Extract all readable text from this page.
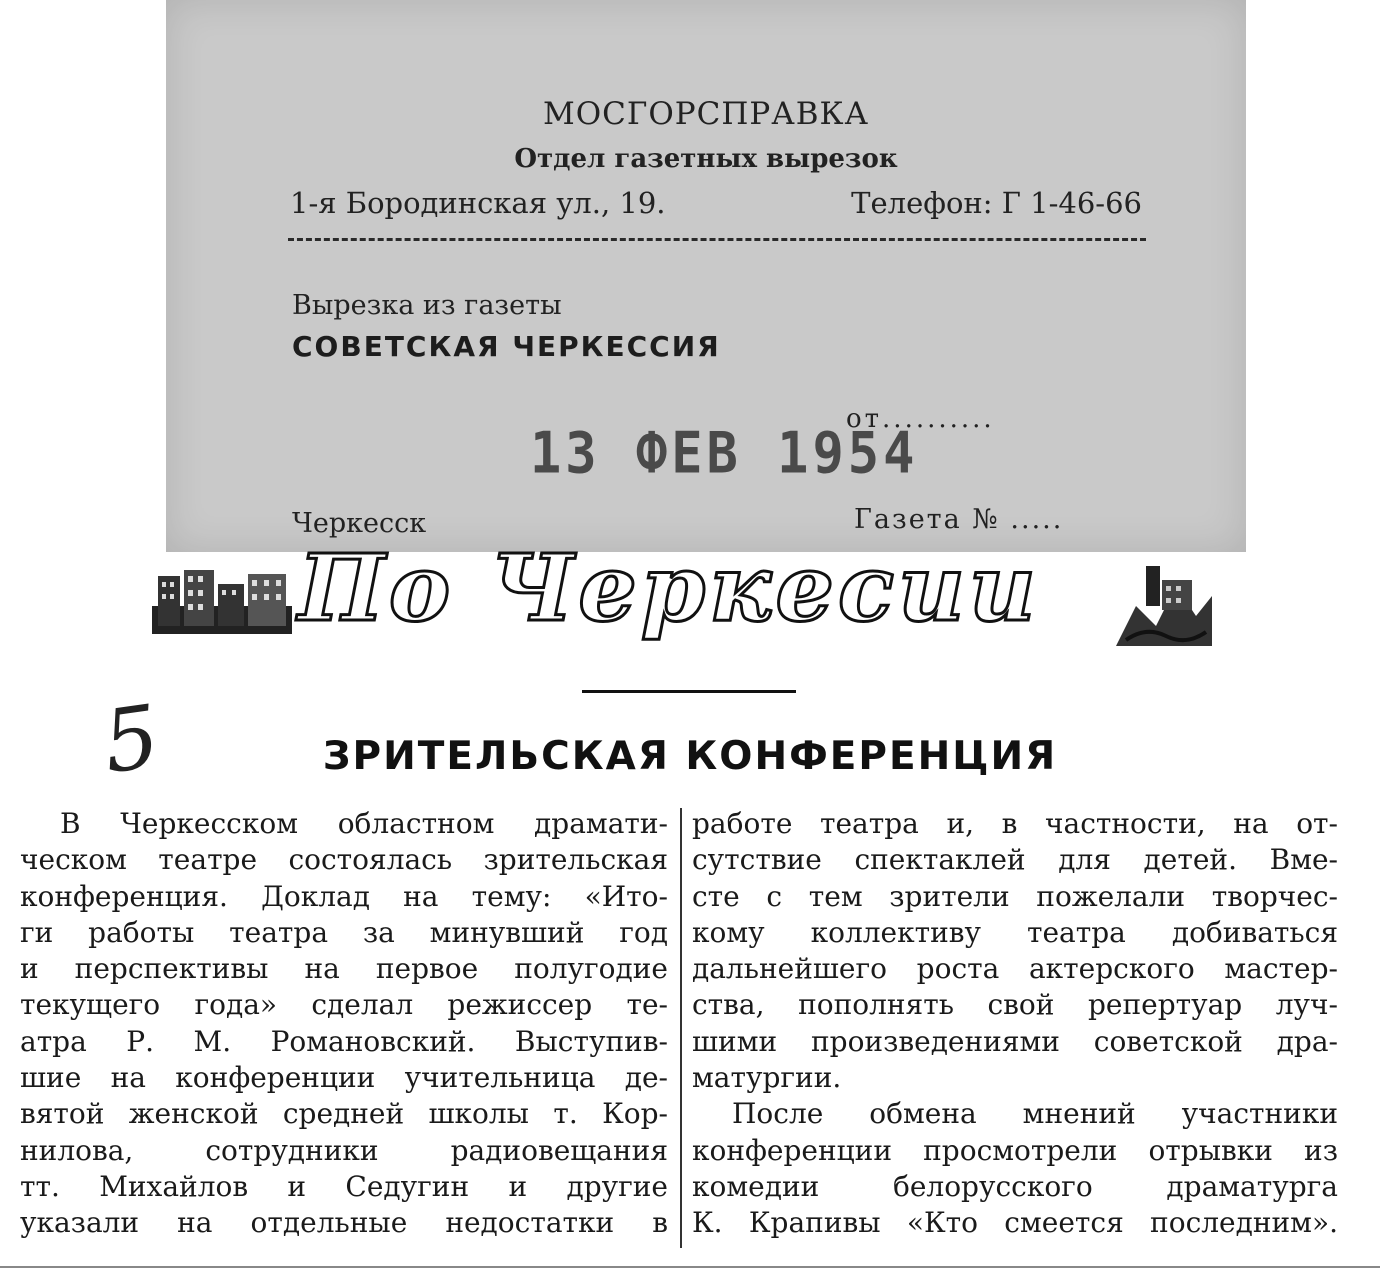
МОСГОРСПРАВКА
Отдел газетных вырезок
1-я Бородинская ул., 19.	Телефон: Г 1-46-66
Вырезка из газеты
СОВЕТСКАЯ ЧЕРКЕССИЯ
от..........
13 ФЕВ 1954
Черкесск	Газета № .....
По Черкесии
5	ЗРИТЕЛЬСКАЯ КОНФЕРЕНЦИЯ
В Черкесском областном драмати-
ческом театре состоялась зрительская
конференция. Доклад на тему: «Ито-
ги работы театра за минувший год
и перспективы на первое полугодие
текущего года» сделал режиссер те-
атра Р. М. Романовский. Выступив-
шие на конференции учительница де-
вятой женской средней школы т. Кор-
нилова, сотрудники радиовещания
тт. Михайлов и Седугин и другие
указали на отдельные недостатки в
работе театра и, в частности, на от-
сутствие спектаклей для детей. Вме-
сте с тем зрители пожелали творчес-
кому коллективу театра добиваться
дальнейшего роста актерского мастер-
ства, пополнять свой репертуар луч-
шими произведениями советской дра-
матургии.
После обмена мнений участники
конференции просмотрели отрывки из
комедии белорусского драматурга
К. Крапивы «Кто смеется последним».
